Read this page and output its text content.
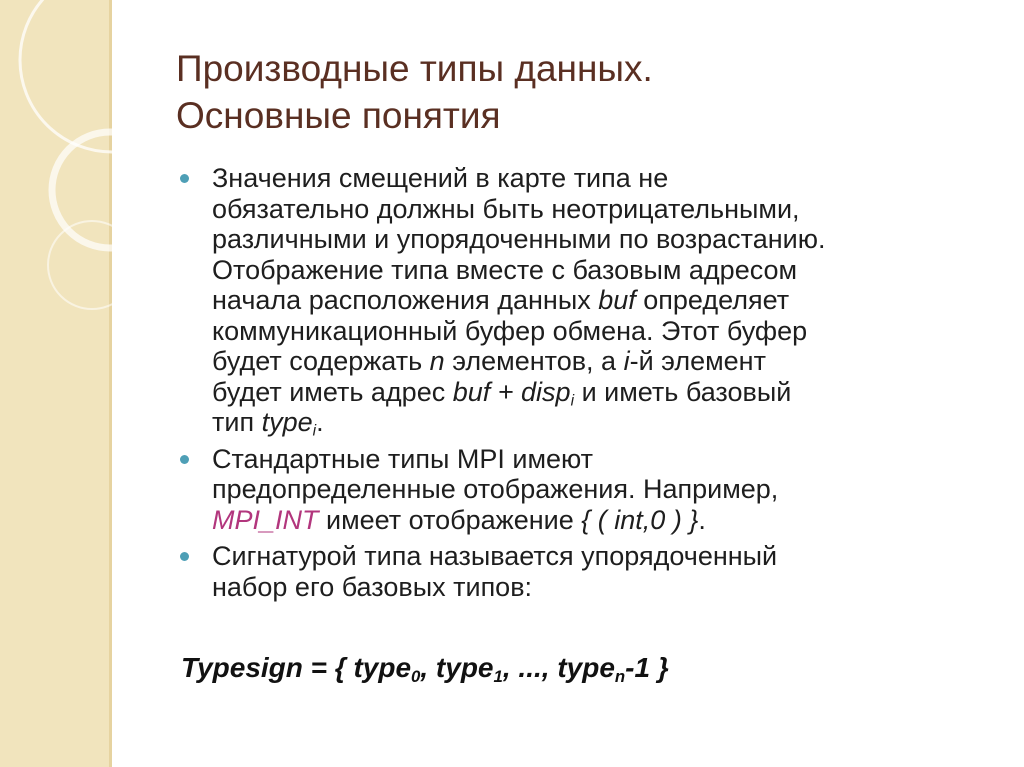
Производные типы данных.
Основные понятия

Значения смещений в карте типа не
обязательно должны быть неотрицательными,
различными и упорядоченными по возрастанию.
Отображение типа вместе с базовым адресом
начала расположения данных buf определяет
коммуникационный буфер обмена. Этот буфер
будет содержать n элементов, а i-й элемент
будет иметь адрес buf + disp$_i$ и иметь базовый
тип type$_i$.

Стандартные типы MPI имеют
предопределенные отображения. Например,
MPI_INT имеет отображение { ( int,0 ) }.

Сигнатурой типа называется упорядоченный
набор его базовых типов:

Typesign = { type$_0$, type$_1$, ..., type$_n$-1 }
